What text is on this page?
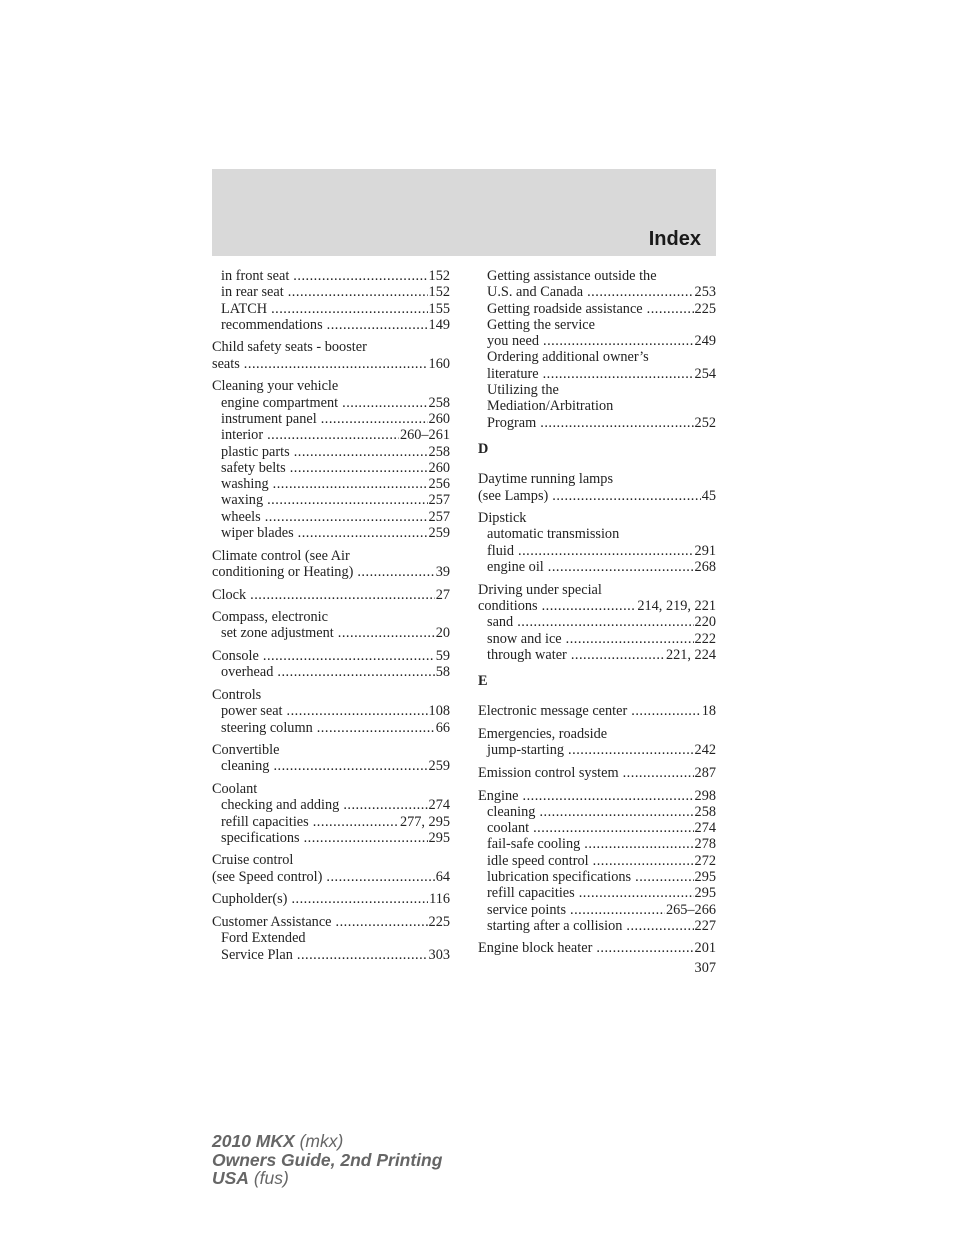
Index
in front seat .....	152
in rear seat .....	152
LATCH .....	155
recommendations .....	149
Child safety seats - booster
seats .....	160
Cleaning your vehicle
engine compartment .....	258
instrument panel .....	260
interior .....	260–261
plastic parts .....	258
safety belts .....	260
washing .....	256
waxing .....	257
wheels .....	257
wiper blades .....	259
Climate control (see Air
conditioning or Heating) .....	39
Clock .....	27
Compass, electronic
set zone adjustment .....	20
Console .....	59
overhead .....	58
Controls
power seat .....	108
steering column .....	66
Convertible
cleaning .....	259
Coolant
checking and adding .....	274
refill capacities .....	277, 295
specifications .....	295
Cruise control
(see Speed control) .....	64
Cupholder(s) .....	116
Customer Assistance .....	225
Ford Extended
Service Plan .....	303
Getting assistance outside the
U.S. and Canada .....	253
Getting roadside assistance .....	225
Getting the service
you need .....	249
Ordering additional owner’s
literature .....	254
Utilizing the
Mediation/Arbitration
Program .....	252
D
Daytime running lamps
(see Lamps) .....	45
Dipstick
automatic transmission
fluid .....	291
engine oil .....	268
Driving under special
conditions .....	214, 219, 221
sand .....	220
snow and ice .....	222
through water .....	221, 224
E
Electronic message center .....	18
Emergencies, roadside
jump-starting .....	242
Emission control system .....	287
Engine .....	298
cleaning .....	258
coolant .....	274
fail-safe cooling .....	278
idle speed control .....	272
lubrication specifications .....	295
refill capacities .....	295
service points .....	265–266
starting after a collision .....	227
Engine block heater .....	201
307
2010 MKX (mkx)
Owners Guide, 2nd Printing
USA (fus)
